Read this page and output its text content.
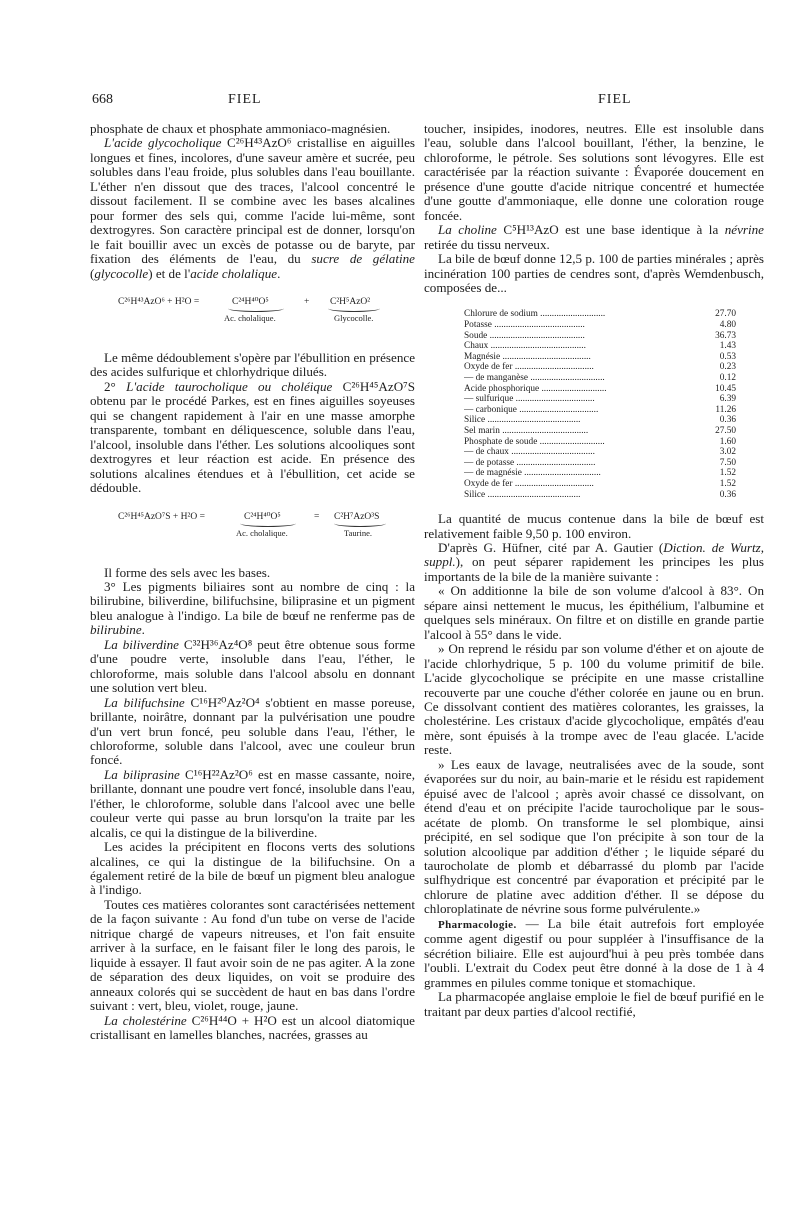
668	FIEL	FIEL

phosphate de chaux et phosphate ammoniaco-magnésien.

L'acide glycocholique C²⁶H⁴³AzO⁶ cristallise en aiguilles longues et fines, incolores, d'une saveur amère et sucrée, peu solubles dans l'eau froide, plus solubles dans l'eau bouillante. L'éther n'en dissout que des traces, l'alcool concentré le dissout facilement. Il se combine avec les bases alcalines pour former des sels qui, comme l'acide lui-même, sont dextrogyres. Son caractère principal est de donner, lorsqu'on le fait bouillir avec un excès de potasse ou de baryte, par fixation des éléments de l'eau, du sucre de gélatine (glycocolle) et de l'acide cholalique.

C²⁶H⁴³AzO⁶ + H²O =	C²⁴H⁴⁰O⁵	+ C²H⁵AzO²
Ac. cholalique.	Glycocolle.

Le même dédoublement s'opère par l'ébullition en présence des acides sulfurique et chlorhydrique dilués.

2° L'acide taurocholique ou choléique C²⁶H⁴⁵AzO⁷S obtenu par le procédé Parkes, est en fines aiguilles soyeuses qui se changent rapidement à l'air en une masse amorphe transparente, tombant en déliquescence, soluble dans l'eau, l'alcool, insoluble dans l'éther. Les solutions alcooliques sont dextrogyres et leur réaction est acide. En présence des solutions alcalines étendues et à l'ébullition, cet acide se dédouble.

C²⁶H⁴⁵AzO⁷S + H²O =	C²⁴H⁴⁰O⁵	= C²H⁷AzO³S
Ac. cholalique.	Taurine.

Il forme des sels avec les bases.

3° Les pigments biliaires sont au nombre de cinq : la bilirubine, biliverdine, bilifuchsine, biliprasine et un pigment bleu analogue à l'indigo. La bile de bœuf ne renferme pas de bilirubine.

La biliverdine C³²H³⁶Az⁴O⁸ peut être obtenue sous forme d'une poudre verte, insoluble dans l'eau, l'éther, le chloroforme, mais soluble dans l'alcool absolu en donnant une solution vert bleu.

La bilifuchsine C¹⁶H²⁰Az²O⁴ s'obtient en masse poreuse, brillante, noirâtre, donnant par la pulvérisation une poudre d'un vert brun foncé, peu soluble dans l'eau, l'éther, le chloroforme, soluble dans l'alcool, avec une couleur brun foncé.

La biliprasine C¹⁶H²²Az²O⁶ est en masse cassante, noire, brillante, donnant une poudre vert foncé, insoluble dans l'eau, l'éther, le chloroforme, soluble dans l'alcool avec une belle couleur verte qui passe au brun lorsqu'on la traite par les alcalis, ce qui la distingue de la biliverdine.

Les acides la précipitent en flocons verts des solutions alcalines, ce qui la distingue de la bilifuchsine. On a également retiré de la bile de bœuf un pigment bleu analogue à l'indigo.

Toutes ces matières colorantes sont caractérisées nettement de la façon suivante : Au fond d'un tube on verse de l'acide nitrique chargé de vapeurs nitreuses, et l'on fait ensuite arriver à la surface, en le faisant filer le long des parois, le liquide à essayer. Il faut avoir soin de ne pas agiter. A la zone de séparation des deux liquides, on voit se produire des anneaux colorés qui se succèdent de haut en bas dans l'ordre suivant : vert, bleu, violet, rouge, jaune.

La cholestérine C²⁶H⁴⁴O + H²O est un alcool diatomique cristallisant en lamelles blanches, nacrées, grasses au

toucher, insipides, inodores, neutres. Elle est insoluble dans l'eau, soluble dans l'alcool bouillant, l'éther, la benzine, le chloroforme, le pétrole. Ses solutions sont lévogyres. Elle est caractérisée par la réaction suivante : Évaporée doucement en présence d'une goutte d'acide nitrique concentré et humectée d'une goutte d'ammoniaque, elle donne une coloration rouge foncée.

La choline C⁵H¹³AzO est une base identique à la névrine retirée du tissu nerveux.

La bile de bœuf donne 12,5 p. 100 de parties minérales ; après incinération 100 parties de cendres sont, d'après Wemdenbusch, composées de...

Chlorure de sodium ............................	27.70
Potasse .......................................	4.80
Soude .........................................	36.73
Chaux .........................................	1.43
Magnésie ......................................	0.53
Oxyde de fer ..................................	0.23
— de manganèse ................................	0.12
Acide phosphorique ............................	10.45
— sulfurique ..................................	6.39
— carbonique ..................................	11.26
Silice ........................................	0.36
Sel marin .....................................	27.50
Phosphate de soude ............................	1.60
— de chaux ....................................	3.02
— de potasse ..................................	7.50
— de magnésie .................................	1.52
Oxyde de fer ..................................	1.52
Silice ........................................	0.36

La quantité de mucus contenue dans la bile de bœuf est relativement faible 9,50 p. 100 environ.

D'après G. Hüfner, cité par A. Gautier (Diction. de Wurtz, suppl.), on peut séparer rapidement les principes les plus importants de la bile de la manière suivante :

« On additionne la bile de son volume d'alcool à 83°. On sépare ainsi nettement le mucus, les épithélium, l'albumine et quelques sels minéraux. On filtre et on distille en grande partie l'alcool à 55° dans le vide.

» On reprend le résidu par son volume d'éther et on ajoute de l'acide chlorhydrique, 5 p. 100 du volume primitif de bile. L'acide glycocholique se précipite en une masse cristalline recouverte par une couche d'éther colorée en jaune ou en brun. Ce dissolvant contient des matières colorantes, les graisses, la cholestérine. Les cristaux d'acide glycocholique, empâtés d'eau mère, sont épuisés à la trompe avec de l'eau glacée. L'acide reste.

» Les eaux de lavage, neutralisées avec de la soude, sont évaporées sur du noir, au bain-marie et le résidu est rapidement épuisé avec de l'alcool ; après avoir chassé ce dissolvant, on étend d'eau et on précipite l'acide taurocholique par le sous-acétate de plomb. On transforme le sel plombique, ainsi précipité, en sel sodique que l'on précipite à son tour de la solution alcoolique par addition d'éther ; le liquide séparé du taurocholate de plomb et débarrassé du plomb par l'acide sulfhydrique est concentré par évaporation et précipité par le chlorure de platine avec addition d'éther. Il se dépose du chloroplatinate de névrine sous forme pulvérulente.»

Pharmacologie. — La bile était autrefois fort employée comme agent digestif ou pour suppléer à l'insuffisance de la sécrétion biliaire. Elle est aujourd'hui à peu près tombée dans l'oubli. L'extrait du Codex peut être donné à la dose de 1 à 4 grammes en pilules comme tonique et stomachique.

La pharmacopée anglaise emploie le fiel de bœuf purifié en le traitant par deux parties d'alcool rectifié,
